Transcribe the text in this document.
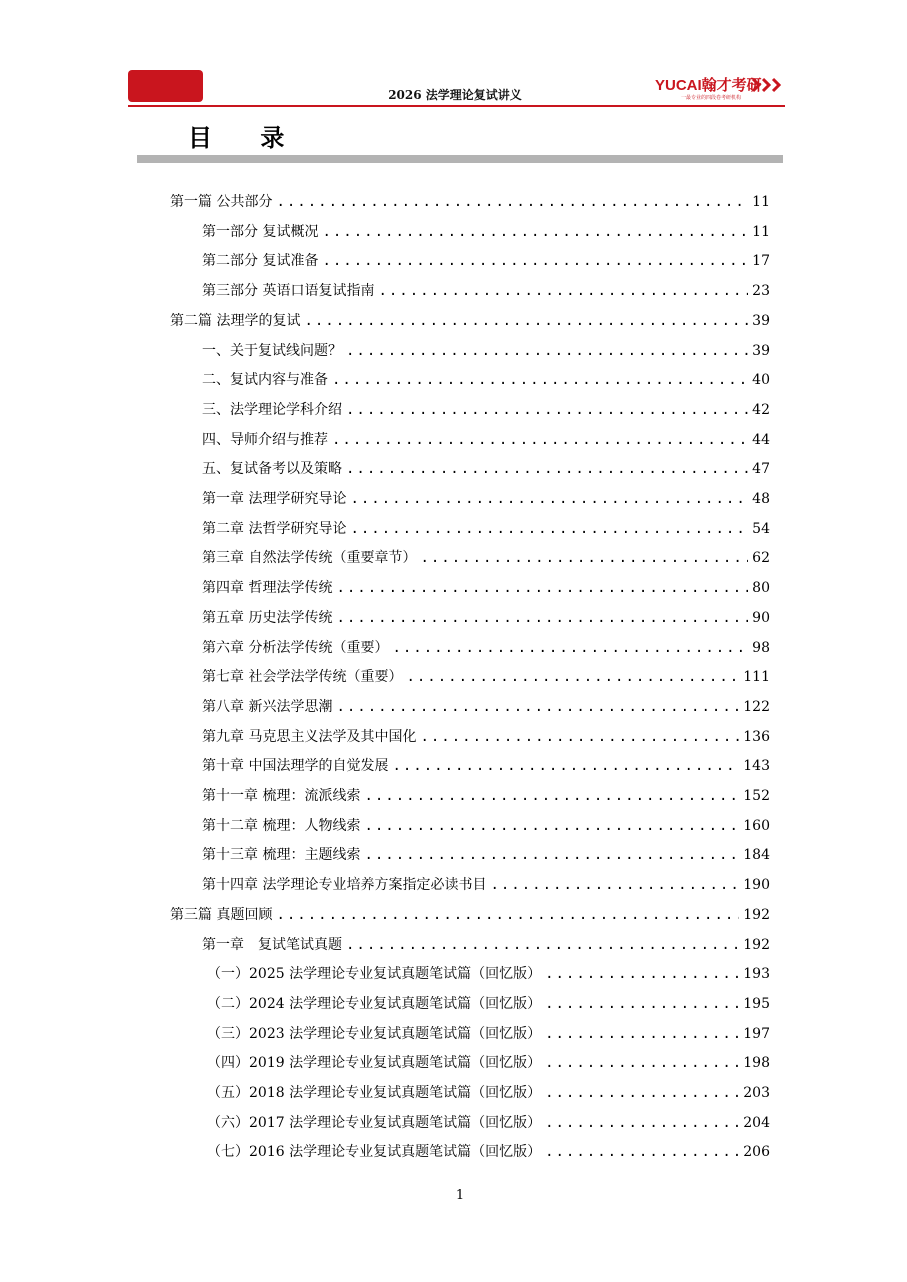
2026 法学理论复试讲义
YUCAI翰才考研
一最专业的四段卷考研机构
目 录
第一篇 公共部分 .....	11
第一部分 复试概况 .....	11
第二部分 复试准备 .....	17
第三部分 英语口语复试指南 .....	23
第二篇 法理学的复试 .....	39
一、关于复试线问题？ .....	39
二、复试内容与准备 .....	40
三、法学理论学科介绍 .....	42
四、导师介绍与推荐 .....	44
五、复试备考以及策略 .....	47
第一章 法理学研究导论 .....	48
第二章 法哲学研究导论 .....	54
第三章 自然法学传统（重要章节） .....	62
第四章 哲理法学传统 .....	80
第五章 历史法学传统 .....	90
第六章 分析法学传统（重要） .....	98
第七章 社会学法学传统（重要） .....	111
第八章 新兴法学思潮 .....	122
第九章 马克思主义法学及其中国化 .....	136
第十章 中国法理学的自觉发展 .....	143
第十一章 梳理：流派线索 .....	152
第十二章 梳理：人物线索 .....	160
第十三章 梳理：主题线索 .....	184
第十四章 法学理论专业培养方案指定必读书目 .....	190
第三篇 真题回顾 .....	192
第一章　复试笔试真题 .....	192
（一）2025 法学理论专业复试真题笔试篇（回忆版） .....	193
（二）2024 法学理论专业复试真题笔试篇（回忆版） .....	195
（三）2023 法学理论专业复试真题笔试篇（回忆版） .....	197
（四）2019 法学理论专业复试真题笔试篇（回忆版） .....	198
（五）2018 法学理论专业复试真题笔试篇（回忆版） .....	203
（六）2017 法学理论专业复试真题笔试篇（回忆版） .....	204
（七）2016 法学理论专业复试真题笔试篇（回忆版） .....	206
1
